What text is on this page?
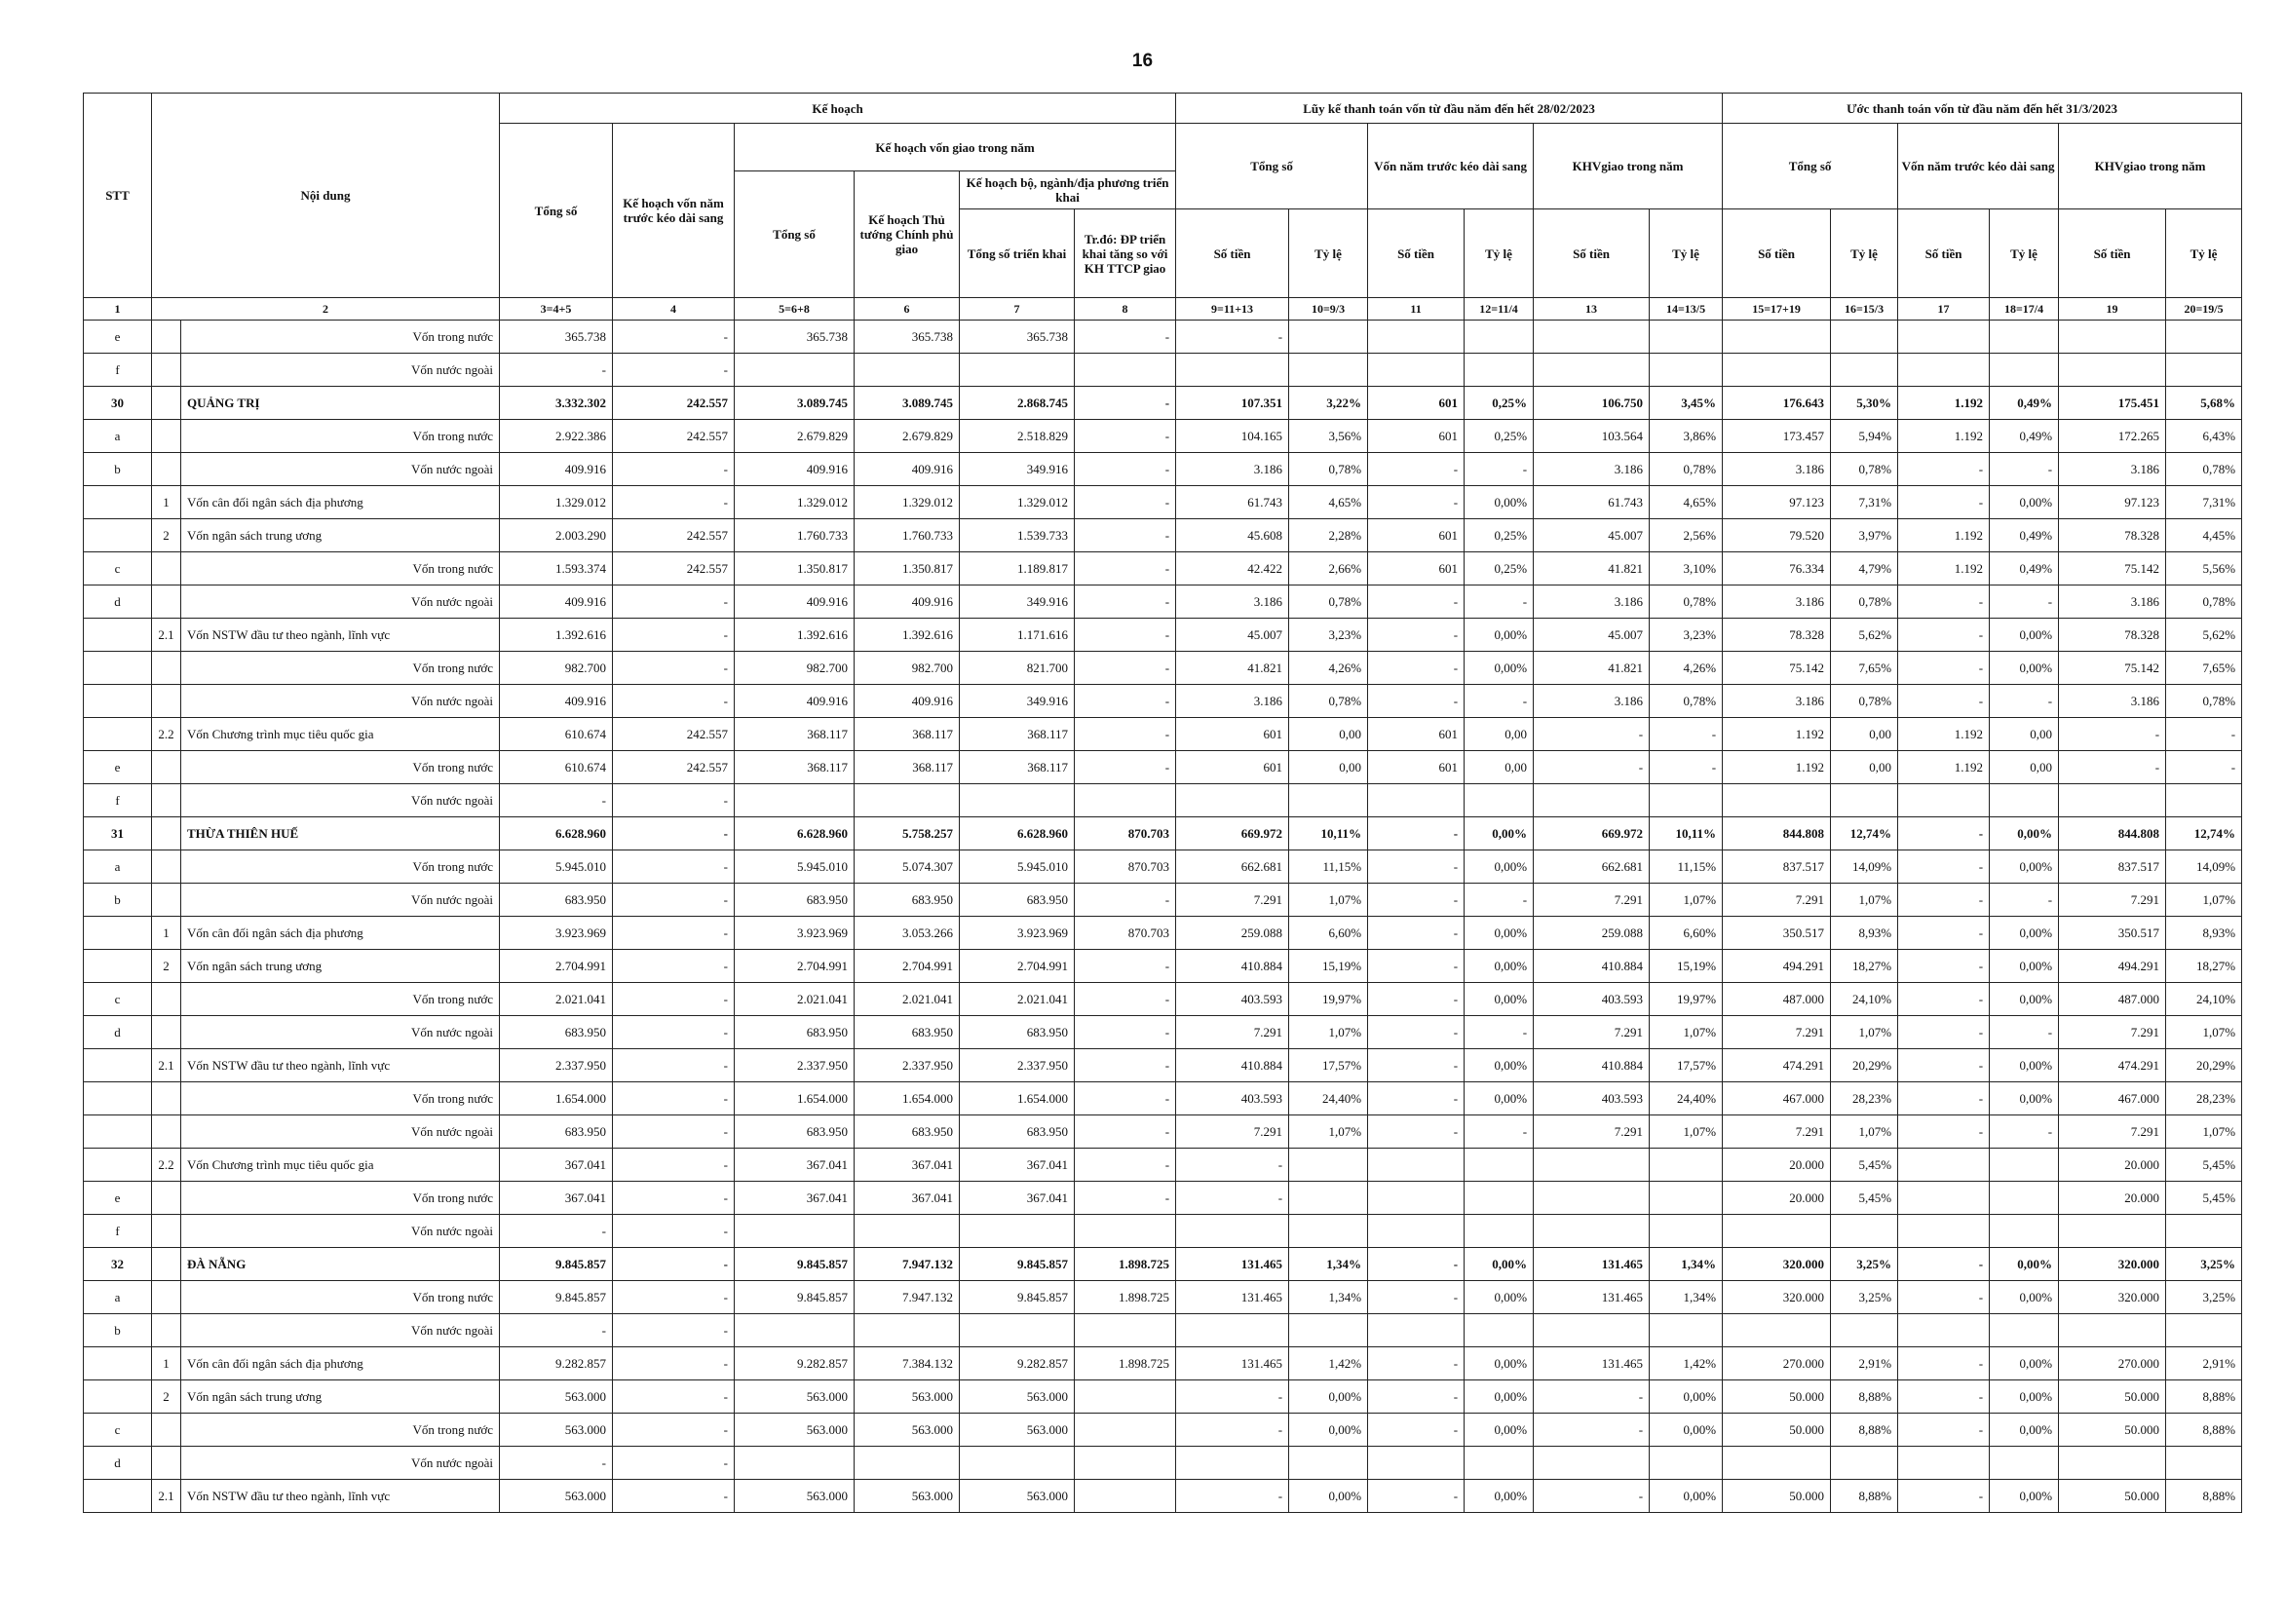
16
STT	Nội dung		Kế hoạch						Lũy kế thanh toán vốn từ đầu năm đến hết 28/02/2023						Ước thanh toán vốn từ đầu năm đến hết 31/3/2023					
			Tổng số	Kế hoạch vốn năm trước kéo dài sang	Kế hoạch vốn giao trong năm				Tổng số		Vốn năm trước kéo dài sang		KHVgiao trong năm		Tổng số		Vốn năm trước kéo dài sang		KHVgiao trong năm	
					Tổng số	Kế hoạch Thủ tướng Chính phủ giao	Kế hoạch bộ, ngành/địa phương triển khai													
							Tổng số triển khai	Tr.đó: ĐP triển khai tăng so với KH TTCP giao	Số tiền	Tỷ lệ	Số tiền	Tỷ lệ	Số tiền	Tỷ lệ	Số tiền	Tỷ lệ	Số tiền	Tỷ lệ	Số tiền	Tỷ lệ
1	2		3=4+5	4	5=6+8	6	7	8	9=11+13	10=9/3	11	12=11/4	13	14=13/5	15=17+19	16=15/3	17	18=17/4	19	20=19/5
e		Vốn trong nước	365.738	-	365.738	365.738	365.738	-	-											
f		Vốn nước ngoài	-	-																
30		QUẢNG TRỊ	3.332.302	242.557	3.089.745	3.089.745	2.868.745	-	107.351	3,22%	601	0,25%	106.750	3,45%	176.643	5,30%	1.192	0,49%	175.451	5,68%
a		Vốn trong nước	2.922.386	242.557	2.679.829	2.679.829	2.518.829	-	104.165	3,56%	601	0,25%	103.564	3,86%	173.457	5,94%	1.192	0,49%	172.265	6,43%
b		Vốn nước ngoài	409.916	-	409.916	409.916	349.916	-	3.186	0,78%	-	-	3.186	0,78%	3.186	0,78%	-	-	3.186	0,78%
	1	Vốn cân đối ngân sách địa phương	1.329.012	-	1.329.012	1.329.012	1.329.012	-	61.743	4,65%	-	0,00%	61.743	4,65%	97.123	7,31%	-	0,00%	97.123	7,31%
	2	Vốn ngân sách trung ương	2.003.290	242.557	1.760.733	1.760.733	1.539.733	-	45.608	2,28%	601	0,25%	45.007	2,56%	79.520	3,97%	1.192	0,49%	78.328	4,45%
c		Vốn trong nước	1.593.374	242.557	1.350.817	1.350.817	1.189.817	-	42.422	2,66%	601	0,25%	41.821	3,10%	76.334	4,79%	1.192	0,49%	75.142	5,56%
d		Vốn nước ngoài	409.916	-	409.916	409.916	349.916	-	3.186	0,78%	-	-	3.186	0,78%	3.186	0,78%	-	-	3.186	0,78%
	2.1	Vốn NSTW đầu tư theo ngành, lĩnh vực	1.392.616	-	1.392.616	1.392.616	1.171.616	-	45.007	3,23%	-	0,00%	45.007	3,23%	78.328	5,62%	-	0,00%	78.328	5,62%
		Vốn trong nước	982.700	-	982.700	982.700	821.700	-	41.821	4,26%	-	0,00%	41.821	4,26%	75.142	7,65%	-	0,00%	75.142	7,65%
		Vốn nước ngoài	409.916	-	409.916	409.916	349.916	-	3.186	0,78%	-	-	3.186	0,78%	3.186	0,78%	-	-	3.186	0,78%
	2.2	Vốn Chương trình mục tiêu quốc gia	610.674	242.557	368.117	368.117	368.117	-	601	0,00	601	0,00	-	-	1.192	0,00	1.192	0,00	-	-
e		Vốn trong nước	610.674	242.557	368.117	368.117	368.117	-	601	0,00	601	0,00	-	-	1.192	0,00	1.192	0,00	-	-
f		Vốn nước ngoài	-	-																
31		THỪA THIÊN HUẾ	6.628.960	-	6.628.960	5.758.257	6.628.960	870.703	669.972	10,11%	-	0,00%	669.972	10,11%	844.808	12,74%	-	0,00%	844.808	12,74%
a		Vốn trong nước	5.945.010	-	5.945.010	5.074.307	5.945.010	870.703	662.681	11,15%	-	0,00%	662.681	11,15%	837.517	14,09%	-	0,00%	837.517	14,09%
b		Vốn nước ngoài	683.950	-	683.950	683.950	683.950	-	7.291	1,07%	-	-	7.291	1,07%	7.291	1,07%	-	-	7.291	1,07%
	1	Vốn cân đối ngân sách địa phương	3.923.969	-	3.923.969	3.053.266	3.923.969	870.703	259.088	6,60%	-	0,00%	259.088	6,60%	350.517	8,93%	-	0,00%	350.517	8,93%
	2	Vốn ngân sách trung ương	2.704.991	-	2.704.991	2.704.991	2.704.991	-	410.884	15,19%	-	0,00%	410.884	15,19%	494.291	18,27%	-	0,00%	494.291	18,27%
c		Vốn trong nước	2.021.041	-	2.021.041	2.021.041	2.021.041	-	403.593	19,97%	-	0,00%	403.593	19,97%	487.000	24,10%	-	0,00%	487.000	24,10%
d		Vốn nước ngoài	683.950	-	683.950	683.950	683.950	-	7.291	1,07%	-	-	7.291	1,07%	7.291	1,07%	-	-	7.291	1,07%
	2.1	Vốn NSTW đầu tư theo ngành, lĩnh vực	2.337.950	-	2.337.950	2.337.950	2.337.950	-	410.884	17,57%	-	0,00%	410.884	17,57%	474.291	20,29%	-	0,00%	474.291	20,29%
		Vốn trong nước	1.654.000	-	1.654.000	1.654.000	1.654.000	-	403.593	24,40%	-	0,00%	403.593	24,40%	467.000	28,23%	-	0,00%	467.000	28,23%
		Vốn nước ngoài	683.950	-	683.950	683.950	683.950	-	7.291	1,07%	-	-	7.291	1,07%	7.291	1,07%	-	-	7.291	1,07%
	2.2	Vốn Chương trình mục tiêu quốc gia	367.041	-	367.041	367.041	367.041	-	-						20.000	5,45%			20.000	5,45%
e		Vốn trong nước	367.041	-	367.041	367.041	367.041	-	-						20.000	5,45%			20.000	5,45%
f		Vốn nước ngoài	-	-																
32		ĐÀ NẴNG	9.845.857	-	9.845.857	7.947.132	9.845.857	1.898.725	131.465	1,34%	-	0,00%	131.465	1,34%	320.000	3,25%	-	0,00%	320.000	3,25%
a		Vốn trong nước	9.845.857	-	9.845.857	7.947.132	9.845.857	1.898.725	131.465	1,34%	-	0,00%	131.465	1,34%	320.000	3,25%	-	0,00%	320.000	3,25%
b		Vốn nước ngoài	-	-																
	1	Vốn cân đối ngân sách địa phương	9.282.857	-	9.282.857	7.384.132	9.282.857	1.898.725	131.465	1,42%	-	0,00%	131.465	1,42%	270.000	2,91%	-	0,00%	270.000	2,91%
	2	Vốn ngân sách trung ương	563.000	-	563.000	563.000	563.000		-	0,00%	-	0,00%	-	0,00%	50.000	8,88%	-	0,00%	50.000	8,88%
c		Vốn trong nước	563.000	-	563.000	563.000	563.000		-	0,00%	-	0,00%	-	0,00%	50.000	8,88%	-	0,00%	50.000	8,88%
d		Vốn nước ngoài	-	-																
	2.1	Vốn NSTW đầu tư theo ngành, lĩnh vực	563.000	-	563.000	563.000	563.000		-	0,00%	-	0,00%	-	0,00%	50.000	8,88%	-	0,00%	50.000	8,88%
